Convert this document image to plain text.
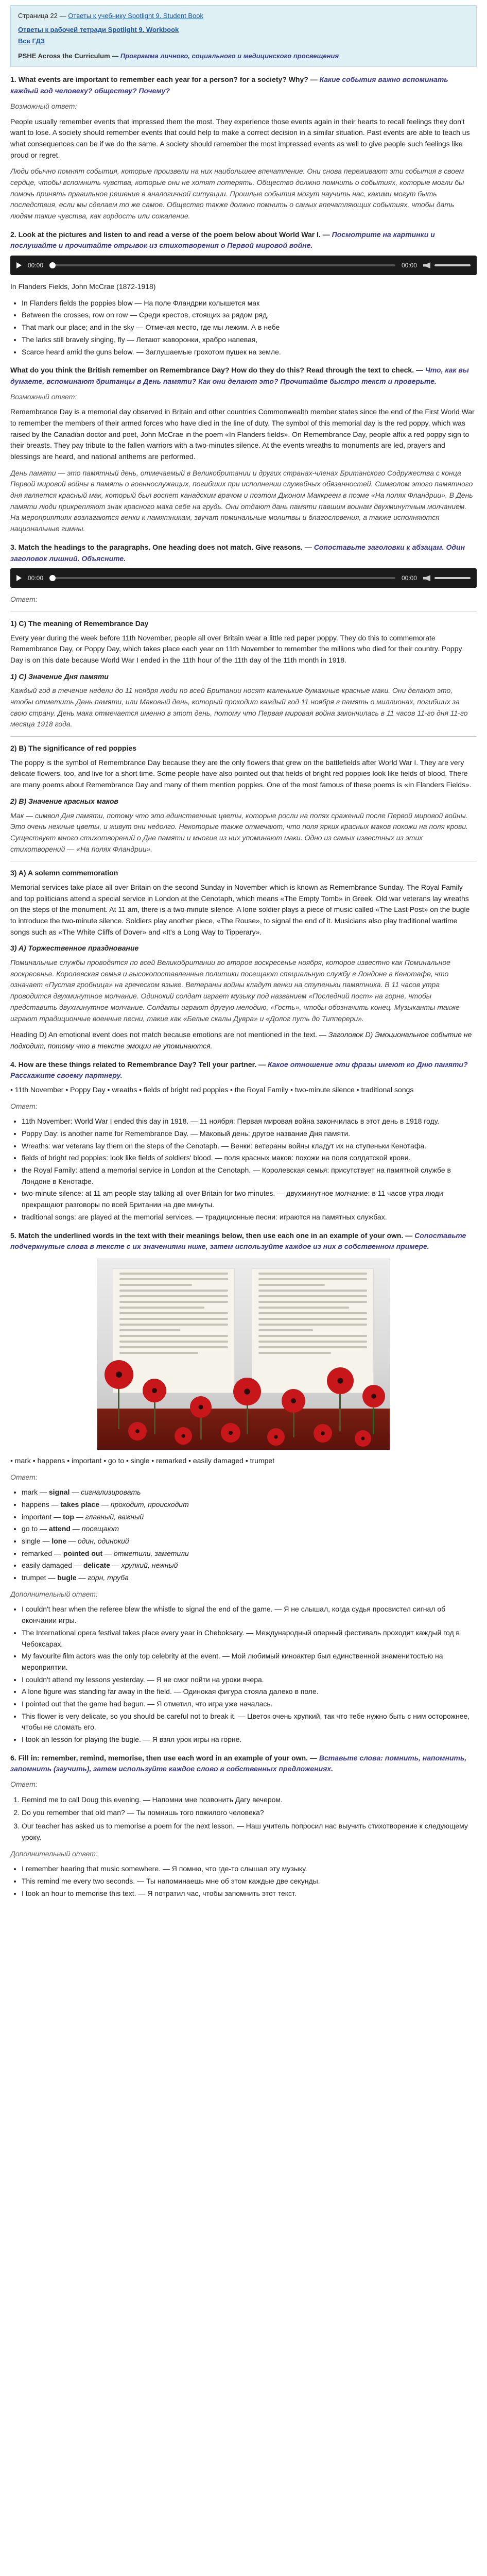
Страница 22 — Ответы к учебнику Spotlight 9. Student Book
Ответы к рабочей тетради Spotlight 9. Workbook
Все ГДЗ
PSHE Across the Curriculum — Программа личного, социального и медицинского просвещения
1. What events are important to remember each year for a person? for a society? Why? — Какие события важно вспоминать каждый год человеку? обществу? Почему?
Возможный ответ:

People usually remember events that impressed them the most. They experience those events again in their hearts to recall feelings they don't want to lose. A society should remember events that could help to make a correct decision in a similar situation. Past events are able to teach us what consequences can be if we do the same. A society should remember the most impressed events as well to give people such feelings like proud or regret.

Люди обычно помнят события, которые произвели на них наибольшее впечатление. Они снова переживают эти события в своем сердце, чтобы вспомнить чувства, которые они не хотят потерять. Общество должно помнить о событиях, которые могли бы помочь принять правильное решение в аналогичной ситуации. Прошлые события могут научить нас, какими могут быть последствия, если мы сделаем то же самое. Общество также должно помнить о самых впечатляющих событиях, чтобы дать людям такие чувства, как гордость или сожаление.

2. Look at the pictures and listen to and read a verse of the poem below about World War I. — Посмотрите на картинки и послушайте и прочитайте отрывок из стихотворения о Первой мировой войне.
00:00	00:00

In Flanders Fields, John McCrae (1872-1918)

• In Flanders fields the poppies blow — На поле Фландрии колышется мак
• Between the crosses, row on row — Среди крестов, стоящих за рядом ряд,
• That mark our place; and in the sky — Отмечая место, где мы лежим. А в небе
• The larks still bravely singing, fly — Летают жаворонки, храбро напевая,
• Scarce heard amid the guns below. — Заглушаемые грохотом пушек на земле.
What do you think the British remember on Remembrance Day? How do they do this? Read through the text to check. — Что, как вы думаете, вспоминают британцы в День памяти? Как они делают это? Прочитайте быстро текст и проверьте.
Возможный ответ:

Remembrance Day is a memorial day observed in Britain and other countries Commonwealth member states since the end of the First World War to remember the members of their armed forces who have died in the line of duty. The symbol of this memorial day is the red poppy, which was raised by the Canadian doctor and poet, John McCrae in the poem «In Flanders fields». On Remembrance Day, people affix a red poppy sign to their breasts. They pay tribute to the fallen warriors with a two-minutes silence. At the events wreaths to monuments are led, prayers and blessings are heard, and national anthems are performed.

День памяти — это памятный день, отмечаемый в Великобритании и других странах-членах Британского Содружества с конца Первой мировой войны в память о военнослужащих, погибших при исполнении служебных обязанностей. Символом этого памятного дня является красный мак, который был воспет канадским врачом и поэтом Джоном Маккреем в поэме «На полях Фландрии». В День памяти люди прикрепляют знак красного мака себе на грудь. Они отдают дань памяти павшим воинам двухминутным молчанием. На мероприятиях возлагаются венки к памятникам, звучат поминальные молитвы и благословения, а также исполняются национальные гимны.

3. Match the headings to the paragraphs. One heading does not match. Give reasons. — Сопоставьте заголовки к абзацам. Один заголовок лишний. Объясните.
00:00	00:00
Ответ:
1) C) The meaning of Remembrance Day

Every year during the week before 11th November, people all over Britain wear a little red paper poppy. They do this to commemorate Remembrance Day, or Poppy Day, which takes place each year on 11th November to remember the millions who died for their country. Poppy Day is on this date because World War I ended in the 11th hour of the 11th day of the 11th month in 1918.

1) С) Значение Дня памяти

Каждый год в течение недели до 11 ноября люди по всей Британии носят маленькие бумажные красные маки. Они делают это, чтобы отметить День памяти, или Маковый день, который проходит каждый год 11 ноября в память о миллионах, погибших за свою страну. День мака отмечается именно в этот день, потому что Первая мировая война закончилась в 11 часов 11-го дня 11-го месяца 1918 года.

2) B) The significance of red poppies

The poppy is the symbol of Remembrance Day because they are the only flowers that grew on the battlefields after World War I. They are very delicate flowers, too, and live for a short time. Some people have also pointed out that fields of bright red poppies look like fields of blood. There are many poems about Remembrance Day and many of them mention poppies. One of the most famous of these poems is «In Flanders Fields».

2) В) Значение красных маков

Мак — символ Дня памяти, потому что это единственные цветы, которые росли на полях сражений после Первой мировой войны. Это очень нежные цветы, и живут они недолго. Некоторые также отмечают, что поля ярких красных маков похожи на поля крови. Существует много стихотворений о Дне памяти и многие из них упоминают маки. Одно из самых известных из этих стихотворений — «На полях Фландрии».

3) A) A solemn commemoration

Memorial services take place all over Britain on the second Sunday in November which is known as Remembrance Sunday. The Royal Family and top politicians attend a special service in London at the Cenotaph, which means «The Empty Tomb» in Greek. Old war veterans lay wreaths on the steps of the monument. At 11 am, there is a two-minute silence. A lone soldier plays a piece of music called «The Last Post» on the bugle to introduce the two-minute silence. Soldiers play another piece, «The Rouse», to signal the end of it. Musicians also play traditional wartime songs such as «The White Cliffs of Dover» and «It's a Long Way to Tipperary».

3) A) Торжественное празднование

Поминальные службы проводятся по всей Великобритании во второе воскресенье ноября, которое известно как Поминальное воскресенье. Королевская семья и высокопоставленные политики посещают специальную службу в Лондоне в Кенотафе, что означает «Пустая гробница» на греческом языке. Ветераны войны кладут венки на ступеньки памятника. В 11 часов утра проводится двухминутное молчание. Одинокий солдат играет музыку под названием «Последний пост» на горне, чтобы представить двухминутное молчание. Солдаты играют другую мелодию, «Гость», чтобы обозначить конец. Музыканты также играют традиционные военные песни, такие как «Белые скалы Дувра» и «Долог путь до Типперери».

Heading D) An emotional event does not match because emotions are not mentioned in the text. — Заголовок D) Эмоциональное событие не подходит, потому что в тексте эмоции не упоминаются.

4. How are these things related to Remembrance Day? Tell your partner. — Какое отношение эти фразы имеют ко Дню памяти? Расскажите своему партнеру.

• 11th November • Poppy Day • wreaths • fields of bright red poppies • the Royal Family • two-minute silence • traditional songs

Ответ:
• 11th November: World War I ended this day in 1918. — 11 ноября: Первая мировая война закончилась в этот день в 1918 году.
• Poppy Day: is another name for Remembrance Day. — Маковый день: другое название Дня памяти.
• Wreaths: war veterans lay them on the steps of the Cenotaph. — Венки: ветераны войны кладут их на ступеньки Кенотафа.
• fields of bright red poppies: look like fields of soldiers' blood. — поля красных маков: похожи на поля солдатской крови.
• the Royal Family: attend a memorial service in London at the Cenotaph. — Королевская семья: присутствует на памятной службе в Лондоне в Кенотафе.
• two-minute silence: at 11 am people stay talking all over Britain for two minutes. — двухминутное молчание: в 11 часов утра люди прекращают разговоры по всей Британии на две минуты.
• traditional songs: are played at the memorial services. — традиционные песни: играются на памятных службах.
5. Match the underlined words in the text with their meanings below, then use each one in an example of your own. — Сопоставьте подчеркнутые слова в тексте с их значениями ниже, затем используйте каждое из них в собственном примере.

• mark • happens • important • go to • single • remarked • easily damaged • trumpet

Ответ:
• mark — signal — сигнализировать
• happens — takes place — проходит, происходит
• important — top — главный, важный
• go to — attend — посещают
• single — lone — один, одинокий
• remarked — pointed out — отметили, заметили
• easily damaged — delicate — хрупкий, нежный
• trumpet — bugle — горн, труба
Дополнительный ответ:
• I couldn't hear when the referee blew the whistle to signal the end of the game. — Я не слышал, когда судья просвистел сигнал об окончании игры.
• The International opera festival takes place every year in Cheboksary. — Международный оперный фестиваль проходит каждый год в Чебоксарах.
• My favourite film actors was the only top celebrity at the event. — Мой любимый киноактер был единственной знаменитостью на мероприятии.
• I couldn't attend my lessons yesterday. — Я не смог пойти на уроки вчера.
• A lone figure was standing far away in the field. — Одинокая фигура стояла далеко в поле.
• I pointed out that the game had begun. — Я отметил, что игра уже началась.
• This flower is very delicate, so you should be careful not to break it. — Цветок очень хрупкий, так что тебе нужно быть с ним осторожнее, чтобы не сломать его.
• I took an lesson for playing the bugle. — Я взял урок игры на горне.
6. Fill in: remember, remind, memorise, then use each word in an example of your own. — Вставьте слова: помнить, напомнить, запомнить (заучить), затем используйте каждое слово в собственных предложениях.
Ответ:
1. Remind me to call Doug this evening. — Напомни мне позвонить Дагу вечером.
2. Do you remember that old man? — Ты помнишь того пожилого человека?
3. Our teacher has asked us to memorise a poem for the next lesson. — Наш учитель попросил нас выучить стихотворение к следующему уроку.
Дополнительный ответ:
• I remember hearing that music somewhere. — Я помню, что где-то слышал эту музыку.
• This remind me every two seconds. — Ты напоминаешь мне об этом каждые две секунды.
• I took an hour to memorise this text. — Я потратил час, чтобы запомнить этот текст.
